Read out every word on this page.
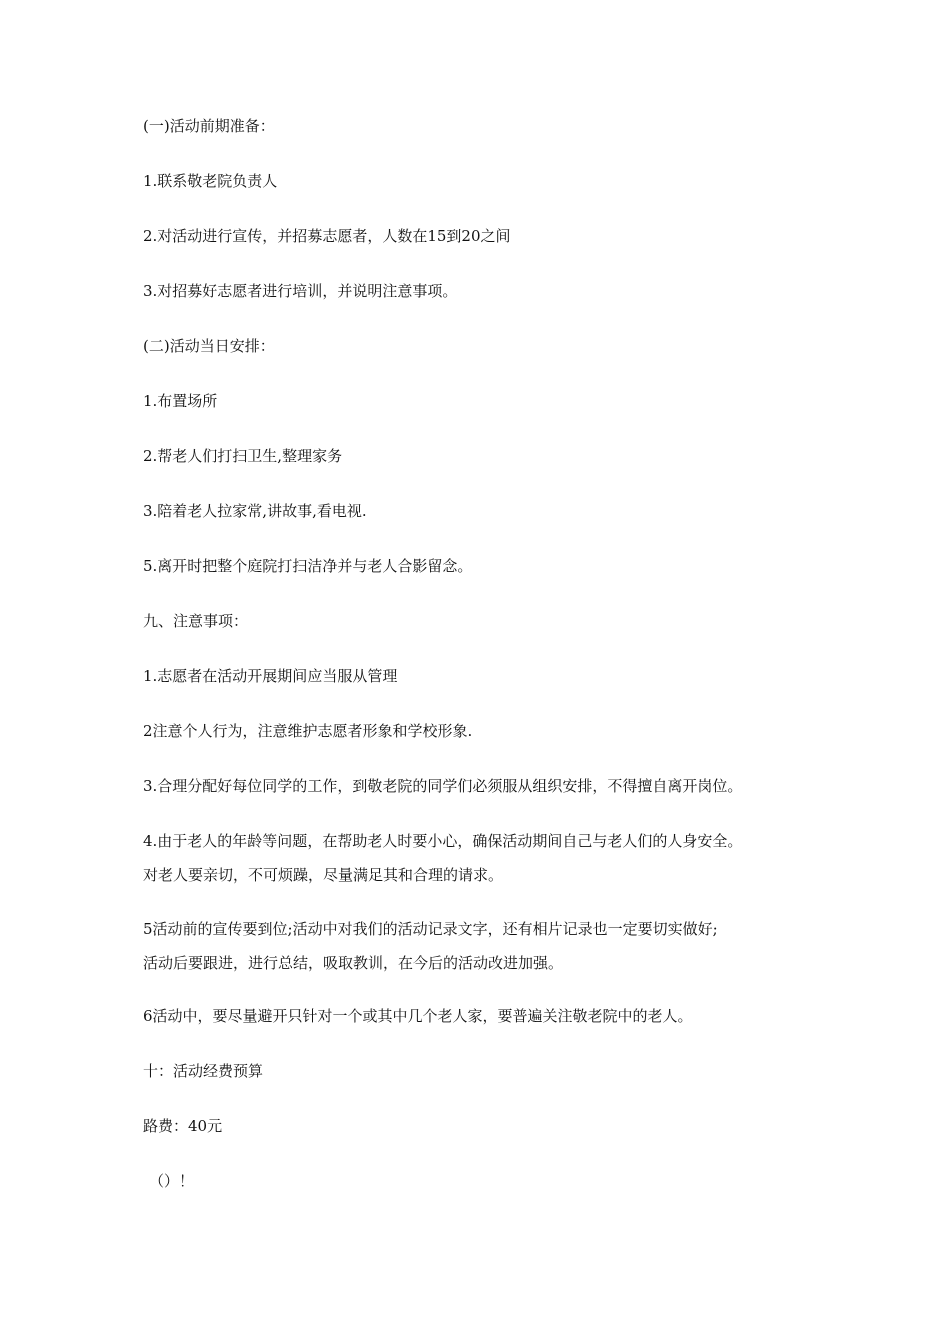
(一)活动前期准备：

1.联系敬老院负责人

2.对活动进行宣传，并招募志愿者，人数在15到20之间

3.对招募好志愿者进行培训，并说明注意事项。

(二)活动当日安排：

1.布置场所

2.帮老人们打扫卫生,整理家务

3.陪着老人拉家常,讲故事,看电视.

5.离开时把整个庭院打扫洁净并与老人合影留念。

九、注意事项：

1.志愿者在活动开展期间应当服从管理

2注意个人行为，注意维护志愿者形象和学校形象.

3.合理分配好每位同学的工作，到敬老院的同学们必须服从组织安排，不得擅自离开岗位。

4.由于老人的年龄等问题，在帮助老人时要小心，确保活动期间自己与老人们的人身安全。
对老人要亲切，不可烦躁，尽量满足其和合理的请求。
5活动前的宣传要到位;活动中对我们的活动记录文字，还有相片记录也一定要切实做好;
活动后要跟进，进行总结，吸取教训，在今后的活动改进加强。

6活动中，要尽量避开只针对一个或其中几个老人家，要普遍关注敬老院中的老人。

十：活动经费预算

路费：40元

（）！
